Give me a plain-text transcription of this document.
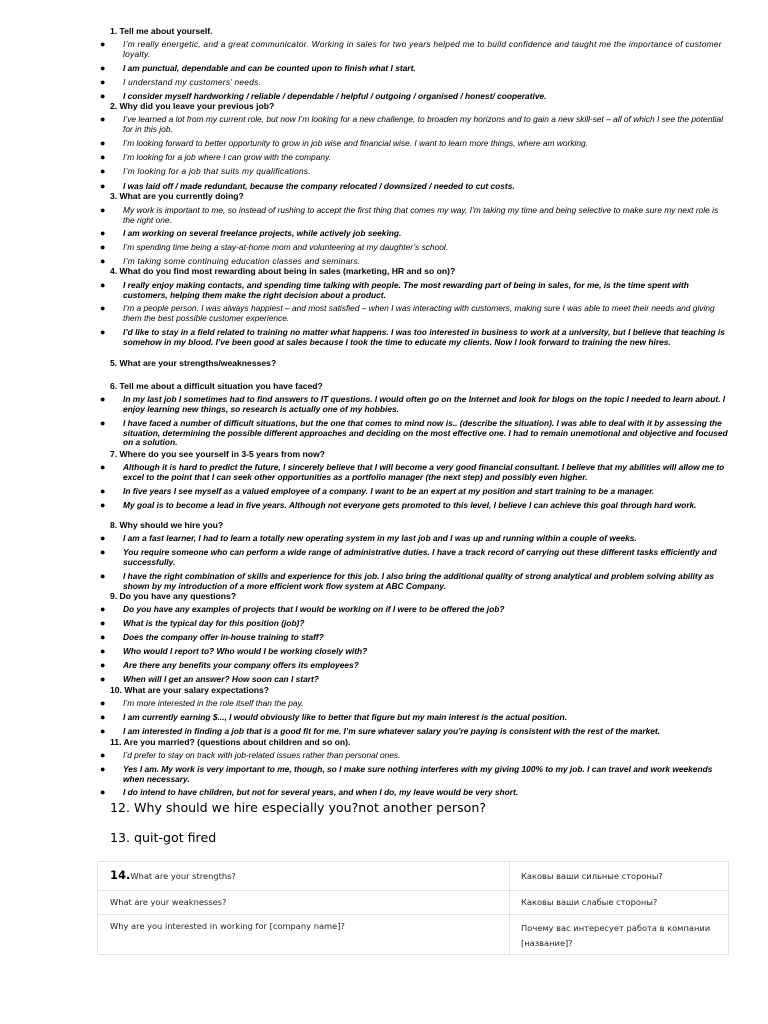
1. Tell me about yourself.
●
I’m really energetic, and a great communicator. Working in sales for two years helped me to build confidence and taught me the importance of customer loyalty.
●
I am punctual, dependable and can be counted upon to finish what I start.
●
I understand my customers’ needs.
●
I consider myself hardworking / reliable / dependable / helpful / outgoing / organised / honest/ cooperative.
2. Why did you leave your previous job?
●
I’ve learned a lot from my current role, but now I’m looking for a new challenge, to broaden my horizons and to gain a new skill-set – all of which I see the potential for in this job.
●
I’m looking forward to better opportunity to grow in job wise and financial wise. I want to learn more things, where am working.
●
I’m looking for a job where I can grow with the company.
●
I’m looking for a job that suits my qualifications.
●
I was laid off / made redundant, because the company relocated / downsized / needed to cut costs.
3. What are you currently doing?
●
My work is important to me, so instead of rushing to accept the first thing that comes my way, I’m taking my time and being selective to make sure my next role is the right one.
●
I am working on several freelance projects, while actively job seeking.
●
I’m spending time being a stay-at-home mom and volunteering at my daughter’s school.
●
I’m taking some continuing education classes and seminars.
4. What do you find most rewarding about being in sales (marketing, HR and so on)?
●
I really enjoy making contacts, and spending time talking with people. The most rewarding part of being in sales, for me, is the time spent with customers, helping them make the right decision about a product.
●
I’m a people person. I was always happiest – and most satisfied – when I was interacting with customers, making sure I was able to meet their needs and giving them the best possible customer experience.
●
I’d like to stay in a field related to training no matter what happens. I was too interested in business to work at a university, but I believe that teaching is somehow in my blood. I’ve been good at sales because I took the time to educate my clients. Now I look forward to training the new hires.
5. What are your strengths/weaknesses?
6. Tell me about a difficult situation you have faced?
●
In my last job I sometimes had to find answers to IT questions. I would often go on the Internet and look for blogs on the topic I needed to learn about. I enjoy learning new things, so research is actually one of my hobbies.
●
I have faced a number of difficult situations, but the one that comes to mind now is.. (describe the situation). I was able to deal with it by assessing the situation, determining the possible different approaches and deciding on the most effective one. I had to remain unemotional and objective and focused on a solution.
7. Where do you see yourself in 3-5 years from now?
●
Although it is hard to predict the future, I sincerely believe that I will become a very good financial consultant. I believe that my abilities will allow me to excel to the point that I can seek other opportunities as a portfolio manager (the next step) and possibly even higher.
●
In five years I see myself as a valued employee of a company. I want to be an expert at my position and start training to be a manager.
●
My goal is to become a lead in five years. Although not everyone gets promoted to this level, I believe I can achieve this goal through hard work.
8. Why should we hire you?
●
I am a fast learner, I had to learn a totally new operating system in my last job and I was up and running within a couple of weeks.
●
You require someone who can perform a wide range of administrative duties. I have a track record of carrying out these different tasks efficiently and successfully.
●
I have the right combination of skills and experience for this job. I also bring the additional quality of strong analytical and problem solving ability as shown by my introduction of a more efficient work flow system at ABC Company.
9. Do you have any questions?
●
Do you have any examples of projects that I would be working on if I were to be offered the job?
●
What is the typical day for this position (job)?
●
Does the company offer in-house training to staff?
●
Who would I report to? Who would I be working closely with?
●
Are there any benefits your company offers its employees?
●
When will I get an answer? How soon can I start?
10. What are your salary expectations?
●
I’m more interested in the role itself than the pay.
●
I am currently earning $..., I would obviously like to better that figure but my main interest is the actual position.
●
I am interested in finding a job that is a good fit for me. I’m sure whatever salary you’re paying is consistent with the rest of the market.
11. Are you married? (questions about children and so on).
●
I’d prefer to stay on track with job-related issues rather than personal ones.
●
Yes I am. My work is very important to me, though, so I make sure nothing interferes with my giving 100% to my job. I can travel and work weekends when necessary.
●
I do intend to have children, but not for several years, and when I do, my leave would be very short.
12. Why should we hire especially you?not another person?
13. quit-got fired
14.What are your strengths?	Каковы ваши сильные стороны?
What are your weaknesses?	Каковы ваши слабые стороны?
Why are you interested in working for [company name]?	Почему вас интересует работа в компании [название]?
